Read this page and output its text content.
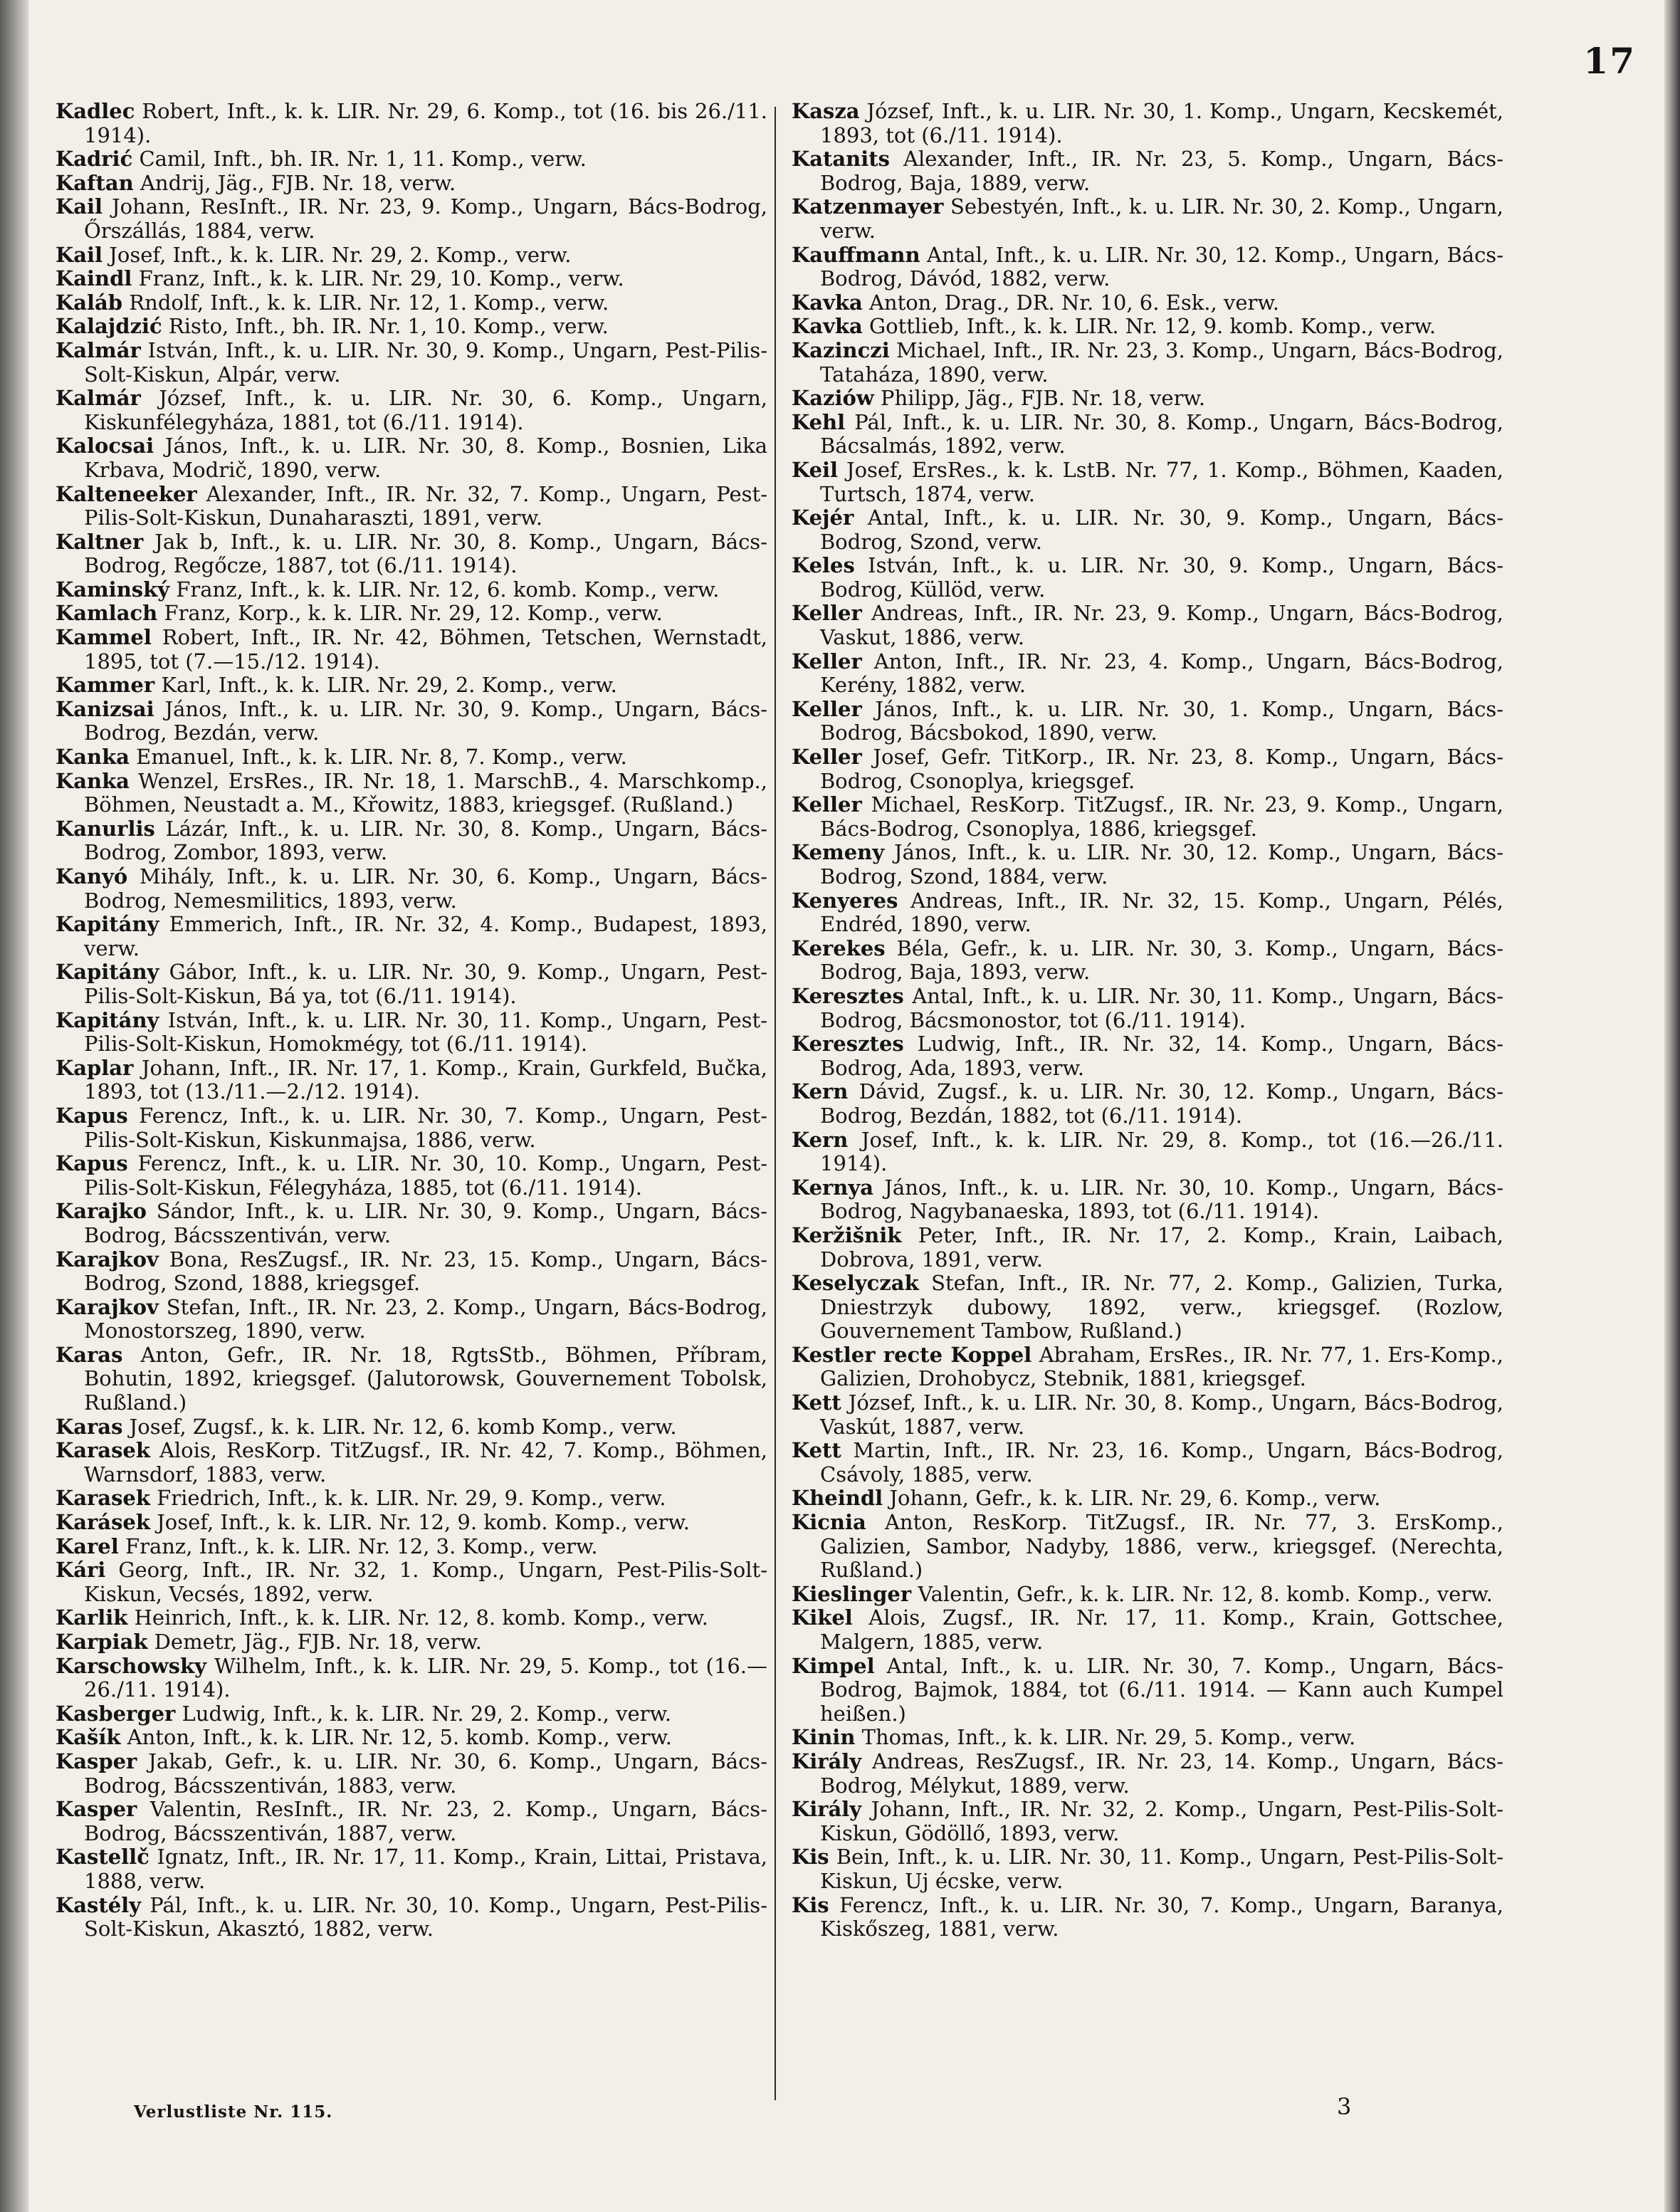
17
Kadlec Robert, Inft., k. k. LIR. Nr. 29, 6. Komp., tot (16. bis 26./11. 1914).
Kadrić Camil, Inft., bh. IR. Nr. 1, 11. Komp., verw.
Kaftan Andrij, Jäg., FJB. Nr. 18, verw.
Kail Johann, ResInft., IR. Nr. 23, 9. Komp., Ungarn, Bács-Bodrog, Őrszállás, 1884, verw.
Kail Josef, Inft., k. k. LIR. Nr. 29, 2. Komp., verw.
Kaindl Franz, Inft., k. k. LIR. Nr. 29, 10. Komp., verw.
Kaláb Rndolf, Inft., k. k. LIR. Nr. 12, 1. Komp., verw.
Kalajdzić Risto, Inft., bh. IR. Nr. 1, 10. Komp., verw.
Kalmár István, Inft., k. u. LIR. Nr. 30, 9. Komp., Ungarn, Pest-Pilis-Solt-Kiskun, Alpár, verw.
Kalmár József, Inft., k. u. LIR. Nr. 30, 6. Komp., Ungarn, Kiskunfélegyháza, 1881, tot (6./11. 1914).
Kalocsai János, Inft., k. u. LIR. Nr. 30, 8. Komp., Bosnien, Lika Krbava, Modrič, 1890, verw.
Kalteneeker Alexander, Inft., IR. Nr. 32, 7. Komp., Ungarn, Pest-Pilis-Solt-Kiskun, Dunaharaszti, 1891, verw.
Kaltner Jak b, Inft., k. u. LIR. Nr. 30, 8. Komp., Ungarn, Bács-Bodrog, Regőcze, 1887, tot (6./11. 1914).
Kaminský Franz, Inft., k. k. LIR. Nr. 12, 6. komb. Komp., verw.
Kamlach Franz, Korp., k. k. LIR. Nr. 29, 12. Komp., verw.
Kammel Robert, Inft., IR. Nr. 42, Böhmen, Tetschen, Wernstadt, 1895, tot (7.—15./12. 1914).
Kammer Karl, Inft., k. k. LIR. Nr. 29, 2. Komp., verw.
Kanizsai János, Inft., k. u. LIR. Nr. 30, 9. Komp., Ungarn, Bács-Bodrog, Bezdán, verw.
Kanka Emanuel, Inft., k. k. LIR. Nr. 8, 7. Komp., verw.
Kanka Wenzel, ErsRes., IR. Nr. 18, 1. MarschB., 4. Marschkomp., Böhmen, Neustadt a. M., Křowitz, 1883, kriegsgef. (Rußland.)
Kanurlis Lázár, Inft., k. u. LIR. Nr. 30, 8. Komp., Ungarn, Bács-Bodrog, Zombor, 1893, verw.
Kanyó Mihály, Inft., k. u. LIR. Nr. 30, 6. Komp., Ungarn, Bács-Bodrog, Nemesmilitics, 1893, verw.
Kapitány Emmerich, Inft., IR. Nr. 32, 4. Komp., Budapest, 1893, verw.
Kapitány Gábor, Inft., k. u. LIR. Nr. 30, 9. Komp., Ungarn, Pest-Pilis-Solt-Kiskun, Bá ya, tot (6./11. 1914).
Kapitány István, Inft., k. u. LIR. Nr. 30, 11. Komp., Ungarn, Pest-Pilis-Solt-Kiskun, Homokmégy, tot (6./11. 1914).
Kaplar Johann, Inft., IR. Nr. 17, 1. Komp., Krain, Gurkfeld, Bučka, 1893, tot (13./11.—2./12. 1914).
Kapus Ferencz, Inft., k. u. LIR. Nr. 30, 7. Komp., Ungarn, Pest-Pilis-Solt-Kiskun, Kiskunmajsa, 1886, verw.
Kapus Ferencz, Inft., k. u. LIR. Nr. 30, 10. Komp., Ungarn, Pest-Pilis-Solt-Kiskun, Félegyháza, 1885, tot (6./11. 1914).
Karajko Sándor, Inft., k. u. LIR. Nr. 30, 9. Komp., Ungarn, Bács-Bodrog, Bácsszentiván, verw.
Karajkov Bona, ResZugsf., IR. Nr. 23, 15. Komp., Ungarn, Bács-Bodrog, Szond, 1888, kriegsgef.
Karajkov Stefan, Inft., IR. Nr. 23, 2. Komp., Ungarn, Bács-Bodrog, Monostorszeg, 1890, verw.
Karas Anton, Gefr., IR. Nr. 18, RgtsStb., Böhmen, Příbram, Bohutin, 1892, kriegsgef. (Jalutorowsk, Gouvernement Tobolsk, Rußland.)
Karas Josef, Zugsf., k. k. LIR. Nr. 12, 6. komb Komp., verw.
Karasek Alois, ResKorp. TitZugsf., IR. Nr. 42, 7. Komp., Böhmen, Warnsdorf, 1883, verw.
Karasek Friedrich, Inft., k. k. LIR. Nr. 29, 9. Komp., verw.
Karásek Josef, Inft., k. k. LIR. Nr. 12, 9. komb. Komp., verw.
Karel Franz, Inft., k. k. LIR. Nr. 12, 3. Komp., verw.
Kári Georg, Inft., IR. Nr. 32, 1. Komp., Ungarn, Pest-Pilis-Solt-Kiskun, Vecsés, 1892, verw.
Karlik Heinrich, Inft., k. k. LIR. Nr. 12, 8. komb. Komp., verw.
Karpiak Demetr, Jäg., FJB. Nr. 18, verw.
Karschowsky Wilhelm, Inft., k. k. LIR. Nr. 29, 5. Komp., tot (16.—26./11. 1914).
Kasberger Ludwig, Inft., k. k. LIR. Nr. 29, 2. Komp., verw.
Kašík Anton, Inft., k. k. LIR. Nr. 12, 5. komb. Komp., verw.
Kasper Jakab, Gefr., k. u. LIR. Nr. 30, 6. Komp., Ungarn, Bács-Bodrog, Bácsszentiván, 1883, verw.
Kasper Valentin, ResInft., IR. Nr. 23, 2. Komp., Ungarn, Bács-Bodrog, Bácsszentiván, 1887, verw.
Kastellč Ignatz, Inft., IR. Nr. 17, 11. Komp., Krain, Littai, Pristava, 1888, verw.
Kastély Pál, Inft., k. u. LIR. Nr. 30, 10. Komp., Ungarn, Pest-Pilis-Solt-Kiskun, Akasztó, 1882, verw.
Kasza József, Inft., k. u. LIR. Nr. 30, 1. Komp., Ungarn, Kecskemét, 1893, tot (6./11. 1914).
Katanits Alexander, Inft., IR. Nr. 23, 5. Komp., Ungarn, Bács-Bodrog, Baja, 1889, verw.
Katzenmayer Sebestyén, Inft., k. u. LIR. Nr. 30, 2. Komp., Ungarn, verw.
Kauffmann Antal, Inft., k. u. LIR. Nr. 30, 12. Komp., Ungarn, Bács-Bodrog, Dávód, 1882, verw.
Kavka Anton, Drag., DR. Nr. 10, 6. Esk., verw.
Kavka Gottlieb, Inft., k. k. LIR. Nr. 12, 9. komb. Komp., verw.
Kazinczi Michael, Inft., IR. Nr. 23, 3. Komp., Ungarn, Bács-Bodrog, Tataháza, 1890, verw.
Kaziów Philipp, Jäg., FJB. Nr. 18, verw.
Kehl Pál, Inft., k. u. LIR. Nr. 30, 8. Komp., Ungarn, Bács-Bodrog, Bácsalmás, 1892, verw.
Keil Josef, ErsRes., k. k. LstB. Nr. 77, 1. Komp., Böhmen, Kaaden, Turtsch, 1874, verw.
Kejér Antal, Inft., k. u. LIR. Nr. 30, 9. Komp., Ungarn, Bács-Bodrog, Szond, verw.
Keles István, Inft., k. u. LIR. Nr. 30, 9. Komp., Ungarn, Bács-Bodrog, Küllöd, verw.
Keller Andreas, Inft., IR. Nr. 23, 9. Komp., Ungarn, Bács-Bodrog, Vaskut, 1886, verw.
Keller Anton, Inft., IR. Nr. 23, 4. Komp., Ungarn, Bács-Bodrog, Kerény, 1882, verw.
Keller János, Inft., k. u. LIR. Nr. 30, 1. Komp., Ungarn, Bács-Bodrog, Bácsbokod, 1890, verw.
Keller Josef, Gefr. TitKorp., IR. Nr. 23, 8. Komp., Ungarn, Bács-Bodrog, Csonoplya, kriegsgef.
Keller Michael, ResKorp. TitZugsf., IR. Nr. 23, 9. Komp., Ungarn, Bács-Bodrog, Csonoplya, 1886, kriegsgef.
Kemeny János, Inft., k. u. LIR. Nr. 30, 12. Komp., Ungarn, Bács-Bodrog, Szond, 1884, verw.
Kenyeres Andreas, Inft., IR. Nr. 32, 15. Komp., Ungarn, Pélés, Endréd, 1890, verw.
Kerekes Béla, Gefr., k. u. LIR. Nr. 30, 3. Komp., Ungarn, Bács-Bodrog, Baja, 1893, verw.
Keresztes Antal, Inft., k. u. LIR. Nr. 30, 11. Komp., Ungarn, Bács-Bodrog, Bácsmonostor, tot (6./11. 1914).
Keresztes Ludwig, Inft., IR. Nr. 32, 14. Komp., Ungarn, Bács-Bodrog, Ada, 1893, verw.
Kern Dávid, Zugsf., k. u. LIR. Nr. 30, 12. Komp., Ungarn, Bács-Bodrog, Bezdán, 1882, tot (6./11. 1914).
Kern Josef, Inft., k. k. LIR. Nr. 29, 8. Komp., tot (16.—26./11. 1914).
Kernya János, Inft., k. u. LIR. Nr. 30, 10. Komp., Ungarn, Bács-Bodrog, Nagybanaeska, 1893, tot (6./11. 1914).
Keržišnik Peter, Inft., IR. Nr. 17, 2. Komp., Krain, Laibach, Dobrova, 1891, verw.
Keselyczak Stefan, Inft., IR. Nr. 77, 2. Komp., Galizien, Turka, Dniestrzyk dubowy, 1892, verw., kriegsgef. (Rozlow, Gouvernement Tambow, Rußland.)
Kestler recte Koppel Abraham, ErsRes., IR. Nr. 77, 1. Ers-Komp., Galizien, Drohobycz, Stebnik, 1881, kriegsgef.
Kett József, Inft., k. u. LIR. Nr. 30, 8. Komp., Ungarn, Bács-Bodrog, Vaskút, 1887, verw.
Kett Martin, Inft., IR. Nr. 23, 16. Komp., Ungarn, Bács-Bodrog, Csávoly, 1885, verw.
Kheindl Johann, Gefr., k. k. LIR. Nr. 29, 6. Komp., verw.
Kicnia Anton, ResKorp. TitZugsf., IR. Nr. 77, 3. ErsKomp., Galizien, Sambor, Nadyby, 1886, verw., kriegsgef. (Nerechta, Rußland.)
Kieslinger Valentin, Gefr., k. k. LIR. Nr. 12, 8. komb. Komp., verw.
Kikel Alois, Zugsf., IR. Nr. 17, 11. Komp., Krain, Gottschee, Malgern, 1885, verw.
Kimpel Antal, Inft., k. u. LIR. Nr. 30, 7. Komp., Ungarn, Bács-Bodrog, Bajmok, 1884, tot (6./11. 1914. — Kann auch Kumpel heißen.)
Kinin Thomas, Inft., k. k. LIR. Nr. 29, 5. Komp., verw.
Király Andreas, ResZugsf., IR. Nr. 23, 14. Komp., Ungarn, Bács-Bodrog, Mélykut, 1889, verw.
Király Johann, Inft., IR. Nr. 32, 2. Komp., Ungarn, Pest-Pilis-Solt-Kiskun, Gödöllő, 1893, verw.
Kis Bein, Inft., k. u. LIR. Nr. 30, 11. Komp., Ungarn, Pest-Pilis-Solt-Kiskun, Uj écske, verw.
Kis Ferencz, Inft., k. u. LIR. Nr. 30, 7. Komp., Ungarn, Baranya, Kiskőszeg, 1881, verw.
Verlustliste Nr. 115.	3
